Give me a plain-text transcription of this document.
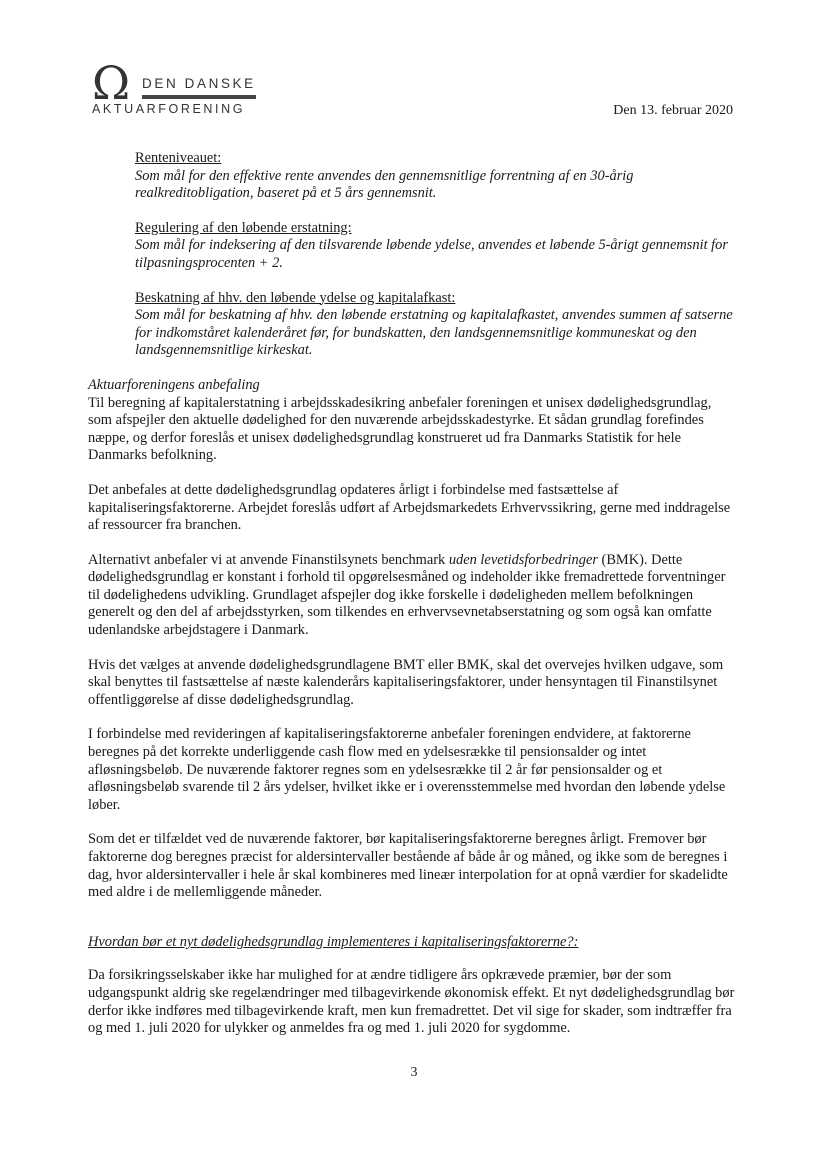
Ω DEN DANSKE
AKTUARFORENING	Den 13. februar 2020
Renteniveauet:
Som mål for den effektive rente anvendes den gennemsnitlige forrentning af en 30-årig realkreditobligation, baseret på et 5 års gennemsnit.
Regulering af den løbende erstatning:
Som mål for indeksering af den tilsvarende løbende ydelse, anvendes et løbende 5-årigt gennemsnit for tilpasningsprocenten + 2.
Beskatning af hhv. den løbende ydelse og kapitalafkast:
Som mål for beskatning af hhv. den løbende erstatning og kapitalafkastet, anvendes summen af satserne for indkomståret kalenderåret før, for bundskatten, den landsgennemsnitlige kommuneskat og den landsgennemsnitlige kirkeskat.
Aktuarforeningens anbefaling

Til beregning af kapitalerstatning i arbejdsskadesikring anbefaler foreningen et unisex dødelighedsgrundlag, som afspejler den aktuelle dødelighed for den nuværende arbejdsskadestyrke. Et sådan grundlag forefindes næppe, og derfor foreslås et unisex dødelighedsgrundlag konstrueret ud fra Danmarks Statistik for hele Danmarks befolkning.

Det anbefales at dette dødelighedsgrundlag opdateres årligt i forbindelse med fastsættelse af kapitaliseringsfaktorerne. Arbejdet foreslås udført af Arbejdsmarkedets Erhvervssikring, gerne med inddragelse af ressourcer fra branchen.

Alternativt anbefaler vi at anvende Finanstilsynets benchmark uden levetidsforbedringer (BMK). Dette dødelighedsgrundlag er konstant i forhold til opgørelsesmåned og indeholder ikke fremadrettede forventninger til dødelighedens udvikling. Grundlaget afspejler dog ikke forskelle i dødeligheden mellem befolkningen generelt og den del af arbejdsstyrken, som tilkendes en erhvervsevnetabserstatning og som også kan omfatte udenlandske arbejdstagere i Danmark.

Hvis det vælges at anvende dødelighedsgrundlagene BMT eller BMK, skal det overvejes hvilken udgave, som skal benyttes til fastsættelse af næste kalenderårs kapitaliseringsfaktorer, under hensyntagen til Finanstilsynet offentliggørelse af disse dødelighedsgrundlag.

I forbindelse med revideringen af kapitaliseringsfaktorerne anbefaler foreningen endvidere, at faktorerne beregnes på det korrekte underliggende cash flow med en ydelsesrække til pensionsalder og intet afløsningsbeløb. De nuværende faktorer regnes som en ydelsesrække til 2 år før pensionsalder og et afløsningsbeløb svarende til 2 års ydelser, hvilket ikke er i overensstemmelse med hvordan den løbende ydelse løber.

Som det er tilfældet ved de nuværende faktorer, bør kapitaliseringsfaktorerne beregnes årligt. Fremover bør faktorerne dog beregnes præcist for aldersintervaller bestående af både år og måned, og ikke som de beregnes i dag, hvor aldersintervaller i hele år skal kombineres med lineær interpolation for at opnå værdier for skadelidte med aldre i de mellemliggende måneder.

Hvordan bør et nyt dødelighedsgrundlag implementeres i kapitaliseringsfaktorerne?:

Da forsikringsselskaber ikke har mulighed for at ændre tidligere års opkrævede præmier, bør der som udgangspunkt aldrig ske regelændringer med tilbagevirkende økonomisk effekt. Et nyt dødelighedsgrundlag bør derfor ikke indføres med tilbagevirkende kraft, men kun fremadrettet. Det vil sige for skader, som indtræffer fra og med 1. juli 2020 for ulykker og anmeldes fra og med 1. juli 2020 for sygdomme.

3
